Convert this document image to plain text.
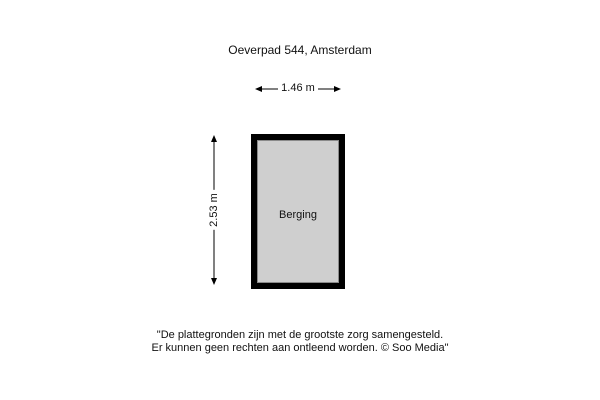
Oeverpad 544, Amsterdam
1.46 m
2.53 m	Berging
"De plattegronden zijn met de grootste zorg samengesteld.
Er kunnen geen rechten aan ontleend worden. © Soo Media"
